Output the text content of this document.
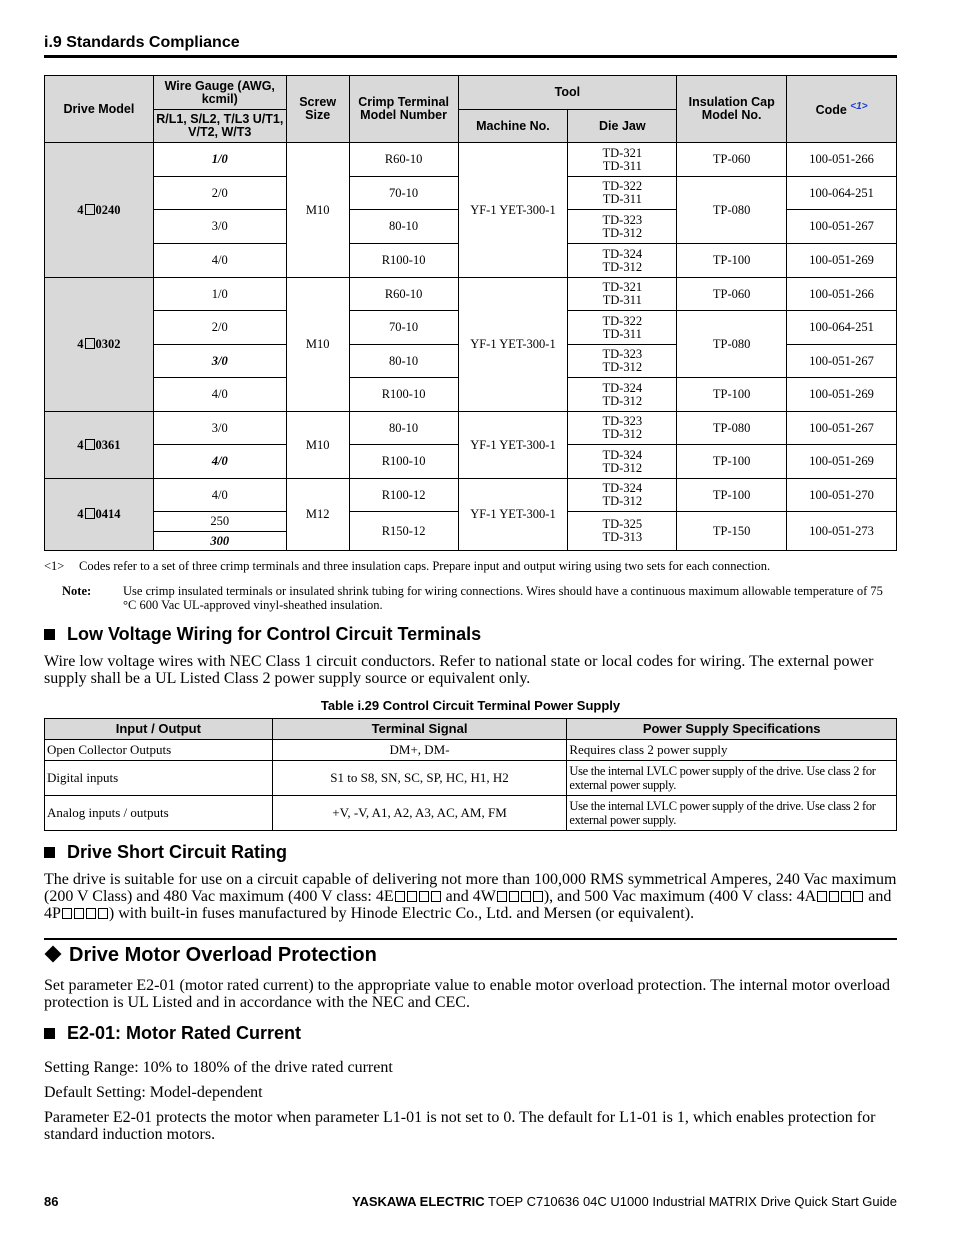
i.9 Standards Compliance
Drive Model	Wire Gauge (AWG, kcmil)	Screw Size	Crimp Terminal Model Number	Tool		Insulation Cap Model No.	Code $^{<1>}$
	R/L1, S/L2, T/L3 U/T1, V/T2, W/T3			Machine No.	Die Jaw		
4 0240	1/0	M10	R60-10	YF-1 YET-300-1	TD-321
TD-311	TP-060	100-051-266
	2/0		70-10		TD-322
TD-311	TP-080	100-064-251
	3/0		80-10		TD-323
TD-312		100-051-267
	4/0		R100-10		TD-324
TD-312	TP-100	100-051-269
4 0302	1/0	M10	R60-10	YF-1 YET-300-1	TD-321
TD-311	TP-060	100-051-266
	2/0		70-10		TD-322
TD-311	TP-080	100-064-251
	3/0		80-10		TD-323
TD-312		100-051-267
	4/0		R100-10		TD-324
TD-312	TP-100	100-051-269
4 0361	3/0	M10	80-10	YF-1 YET-300-1	TD-323
TD-312	TP-080	100-051-267
	4/0		R100-10		TD-324
TD-312	TP-100	100-051-269
4 0414	4/0	M12	R100-12	YF-1 YET-300-1	TD-324
TD-312	TP-100	100-051-270
	250		R150-12		TD-325
TD-313	TP-150	100-051-273
	300						
<1> Codes refer to a set of three crimp terminals and three insulation caps. Prepare input and output wiring using two sets for each connection.
Note:	Use crimp insulated terminals or insulated shrink tubing for wiring connections. Wires should have a continuous maximum allowable temperature of 75 °C 600 Vac UL-approved vinyl-sheathed insulation.
Low Voltage Wiring for Control Circuit Terminals
Wire low voltage wires with NEC Class 1 circuit conductors. Refer to national state or local codes for wiring. The external power supply shall be a UL Listed Class 2 power supply source or equivalent only.
Table i.29 Control Circuit Terminal Power Supply
Input / Output	Terminal Signal	Power Supply Specifications
Open Collector Outputs	DM+, DM-	Requires class 2 power supply
Digital inputs	S1 to S8, SN, SC, SP, HC, H1, H2	Use the internal LVLC power supply of the drive. Use class 2 for external power supply.
Analog inputs / outputs	+V, -V, A1, A2, A3, AC, AM, FM	Use the internal LVLC power supply of the drive. Use class 2 for external power supply.
Drive Short Circuit Rating
The drive is suitable for use on a circuit capable of delivering not more than 100,000 RMS symmetrical Amperes, 240 Vac maximum (200 V Class) and 480 Vac maximum (400 V class: 4E	and 4W	), and 500 Vac maximum (400 V class: 4A	and 4P	) with built-in fuses manufactured by Hinode Electric Co., Ltd. and Mersen (or equivalent).
Drive Motor Overload Protection
Set parameter E2-01 (motor rated current) to the appropriate value to enable motor overload protection. The internal motor overload protection is UL Listed and in accordance with the NEC and CEC.
E2-01: Motor Rated Current
Setting Range: 10% to 180% of the drive rated current
Default Setting: Model-dependent
Parameter E2-01 protects the motor when parameter L1-01 is not set to 0. The default for L1-01 is 1, which enables protection for standard induction motors.
86	YASKAWA ELECTRIC TOEP C710636 04C U1000 Industrial MATRIX Drive Quick Start Guide
